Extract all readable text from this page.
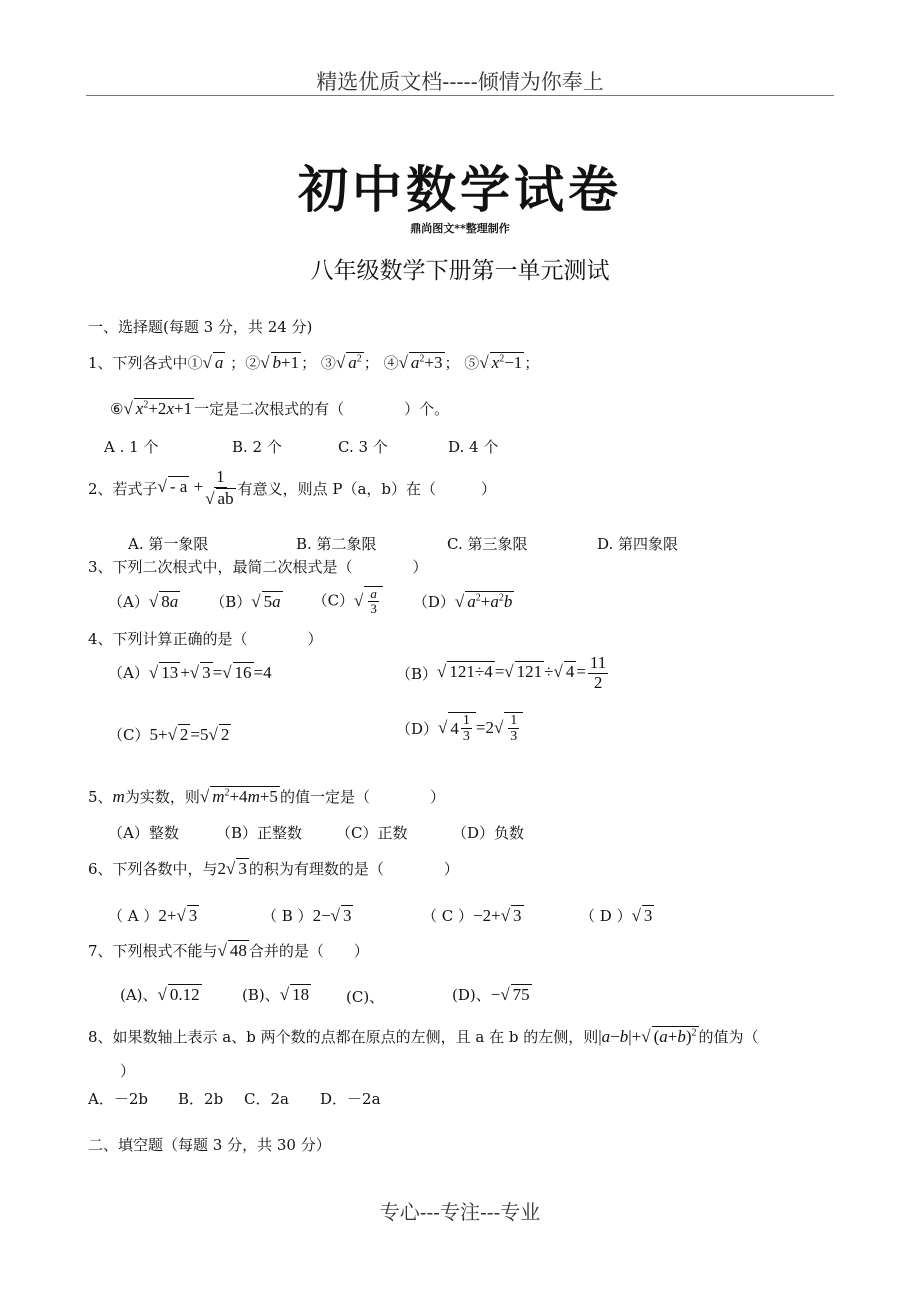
精选优质文档-----倾情为你奉上
初中数学试卷
鼎尚图文**整理制作
八年级数学下册第一单元测试
一、选择题(每题 3 分，共 24 分)
1、下列各式中①√ a ；②√ b+1 ； ③√ $a^2$ ； ④√ $a^2+3$ ； ⑤√ $x^2-1$ ；
⑥√ $x^2+2x+1$ 一定是二次根式的有（　　　　）个。
A . 1 个	B. 2 个	C. 3 个	D. 4 个
2、若式子 √ - $a + \frac{1}{√ ab}$ 有意义，则点 P（a，b）在（　　　）
A. 第一象限	B. 第二象限	C. 第三象限	D. 第四象限
3、下列二次根式中，最简二次根式是（　　　　）
（A）√ 8a （B）√ 5a $(C)√ \frac{a}{3} (D)√$ $a^2+a^2b$
4、下列计算正确的是（　　　　）
（A）√ 13 +√ 3 =√ 16 =4	（B） √ 121÷4 =√ 121 ÷√ $4 = \frac{11}{2}$
（C）5+√ 2 =5√ 2	（D） √ $4 \frac{1}{3} =2√ \frac{1}{3}$
5、m为实数，则√ $m^2+4m+5$ 的值一定是（　　　　）
（A）整数 （B）正整数 （C）正数	（D）负数
6、下列各数中，与2√ 3 的积为有理数的是（　　　　）
（ A ）2+√ 3	（ B ）2−√ 3	（ C ）−2+√ 3	（ D ）√ 3
7、下列根式不能与√ 48 合并的是（　　）
(A)、√ 0.12	(B)、√ 18 (C)、	(D)、−√ 75
8、如果数轴上表示 a、b 两个数的点都在原点的左侧，且 a 在 b 的左侧，则|a−b|+√ $(a+b)^2$ 的值为（
）
A．－2b B．2b C．2a D．－2a
二、填空题（每题 3 分，共 30 分）
专心---专注---专业
